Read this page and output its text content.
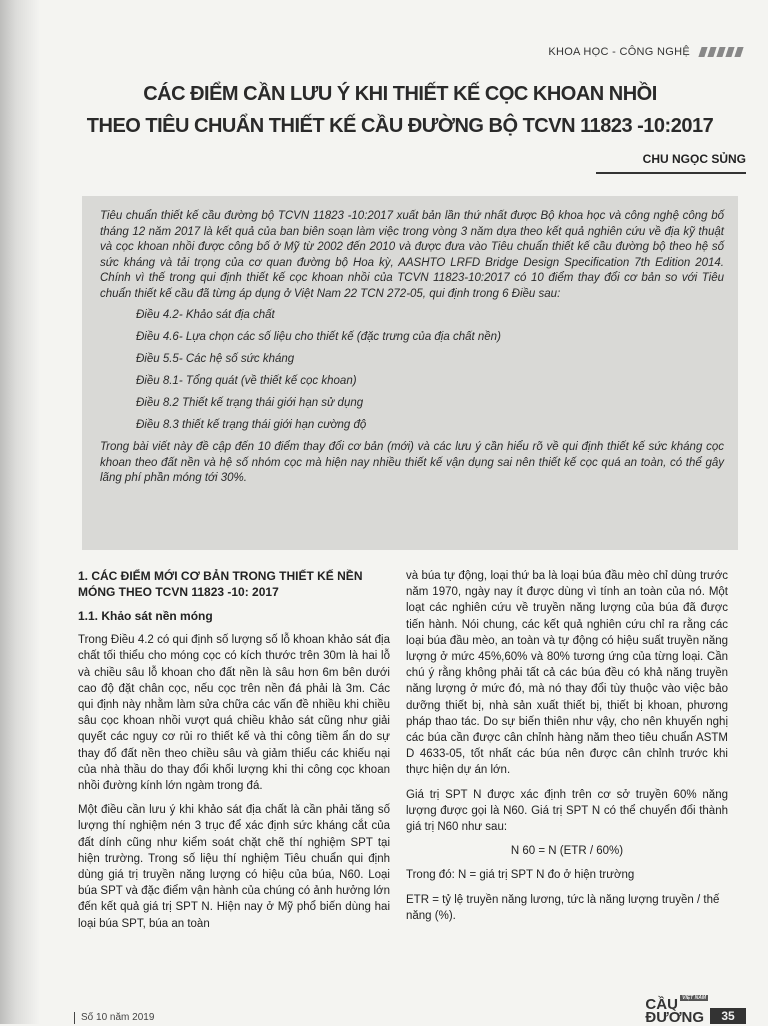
KHOA HỌC - CÔNG NGHỆ
CÁC ĐIỂM CẦN LƯU Ý KHI THIẾT KẾ CỌC KHOAN NHỒI
THEO TIÊU CHUẨN THIẾT KẾ CẦU ĐƯỜNG BỘ TCVN 11823 -10:2017
CHU NGỌC SỦNG

Tiêu chuẩn thiết kế cầu đường bộ TCVN 11823 -10:2017 xuất bản lần thứ nhất được Bộ khoa học và công nghệ công bố tháng 12 năm 2017 là kết quả của ban biên soạn làm việc trong vòng 3 năm dựa theo kết quả nghiên cứu về địa kỹ thuật và cọc khoan nhồi được công bố ở Mỹ từ 2002 đến 2010 và được đưa vào Tiêu chuẩn thiết kế cầu đường bộ theo hệ số sức kháng và tải trọng của cơ quan đường bộ Hoa kỳ, AASHTO LRFD Bridge Design Specification 7th Edition 2014. Chính vì thế trong qui định thiết kế cọc khoan nhồi của TCVN 11823-10:2017 có 10 điểm thay đổi cơ bản so với Tiêu chuẩn thiết kế cầu đã từng áp dụng ở Việt Nam 22 TCN 272-05, qui định trong 6 Điều sau:

Điều 4.2- Khảo sát địa chất
Điều 4.6- Lựa chọn các số liệu cho thiết kế (đặc trưng của địa chất nền)
Điều 5.5- Các hệ số sức kháng
Điều 8.1- Tổng quát (về thiết kế cọc khoan)
Điều 8.2 Thiết kế trạng thái giới hạn sử dụng
Điều 8.3 thiết kế trạng thái giới hạn cường độ

Trong bài viết này đề cập đến 10 điểm thay đổi cơ bản (mới) và các lưu ý cần hiểu rõ về qui định thiết kế sức kháng cọc khoan theo đất nền và hệ số nhóm cọc mà hiện nay nhiều thiết kế vận dụng sai nên thiết kế cọc quá an toàn, có thể gây lãng phí phần móng tới 30%.

1. CÁC ĐIỂM MỚI CƠ BẢN TRONG THIẾT KẾ NỀN MÓNG THEO TCVN 11823 -10: 2017
1.1. Khảo sát nền móng

Trong Điều 4.2 có qui định số lượng số lỗ khoan khảo sát địa chất tối thiểu cho móng cọc có kích thước trên 30m là hai lỗ và chiều sâu lỗ khoan cho đất nền là sâu hơn 6m bên dưới cao độ đặt chân cọc, nếu cọc trên nền đá phải là 3m. Các qui định này nhằm làm sửa chữa các vấn đề nhiều khi chiều sâu cọc khoan nhồi vượt quá chiều khảo sát cũng như giải quyết các nguy cơ rủi ro thiết kế và thi công tiềm ẩn do sự thay đổ đất nền theo chiều sâu và giảm thiểu các khiếu nại của nhà thầu do thay đổi khối lượng khi thi công cọc khoan nhồi đường kính lớn ngàm trong đá.

Một điều cần lưu ý khi khảo sát địa chất là cần phải tăng số lượng thí nghiệm nén 3 trục để xác định sức kháng cắt của đất dính cũng như kiểm soát chặt chẽ thí nghiệm SPT tại hiện trường. Trong số liệu thí nghiệm Tiêu chuẩn qui định dùng giá trị truyền năng lượng có hiệu của búa, N60. Loại búa SPT và đặc điểm vận hành của chúng có ảnh hưởng lớn đến kết quả giá trị SPT N. Hiện nay ở Mỹ phổ biến dùng hai loại búa SPT, búa an toàn

và búa tự động, loại thứ ba là loại búa đầu mèo chỉ dùng trước năm 1970, ngày nay ít được dùng vì tính an toàn của nó. Một loạt các nghiên cứu về truyền năng lượng của búa đã được tiến hành. Nói chung, các kết quả nghiên cứu chỉ ra rằng các loại búa đầu mèo, an toàn và tự động có hiệu suất truyền năng lượng ở mức 45%,60% và 80% tương ứng của từng loại. Cần chú ý rằng không phải tất cả các búa đều có khả năng truyền năng lượng ở mức đó, mà nó thay đổi tùy thuộc vào việc bảo dưỡng thiết bị, nhà sản xuất thiết bị, thiết bị khoan, phương pháp thao tác. Do sự biến thiên như vậy, cho nên khuyến nghị các búa cần được cân chỉnh hàng năm theo tiêu chuẩn ASTM D 4633-05, tốt nhất các búa nên được cân chỉnh trước khi thực hiện dự án lớn.

Giá trị SPT N được xác định trên cơ sở truyền 60% năng lượng được gọi là N60. Giá trị SPT N có thể chuyển đổi thành giá trị N60 như sau:

N 60 = N (ETR / 60%)

Trong đó: N = giá trị SPT N đo ở hiện trường

ETR = tỷ lệ truyền năng lương, tức là năng lượng truyền / thế năng (%).

Số 10 năm 2019
CẦU
ĐƯỜNG
VIỆT NAM
35
